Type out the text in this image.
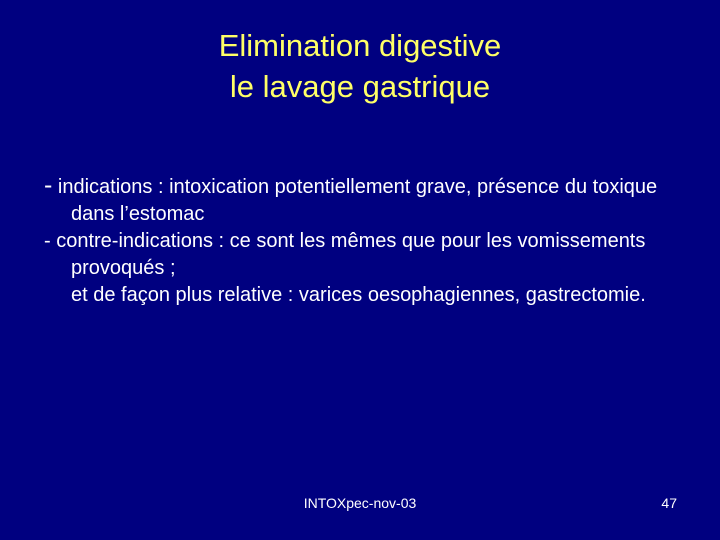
Elimination digestive
le lavage gastrique

- indications : intoxication potentiellement grave, présence du toxique dans l’estomac

- contre-indications : ce sont les mêmes que pour les vomissements provoqués ;

et de façon plus relative : varices oesophagiennes, gastrectomie.

INTOXpec-nov-03	47
